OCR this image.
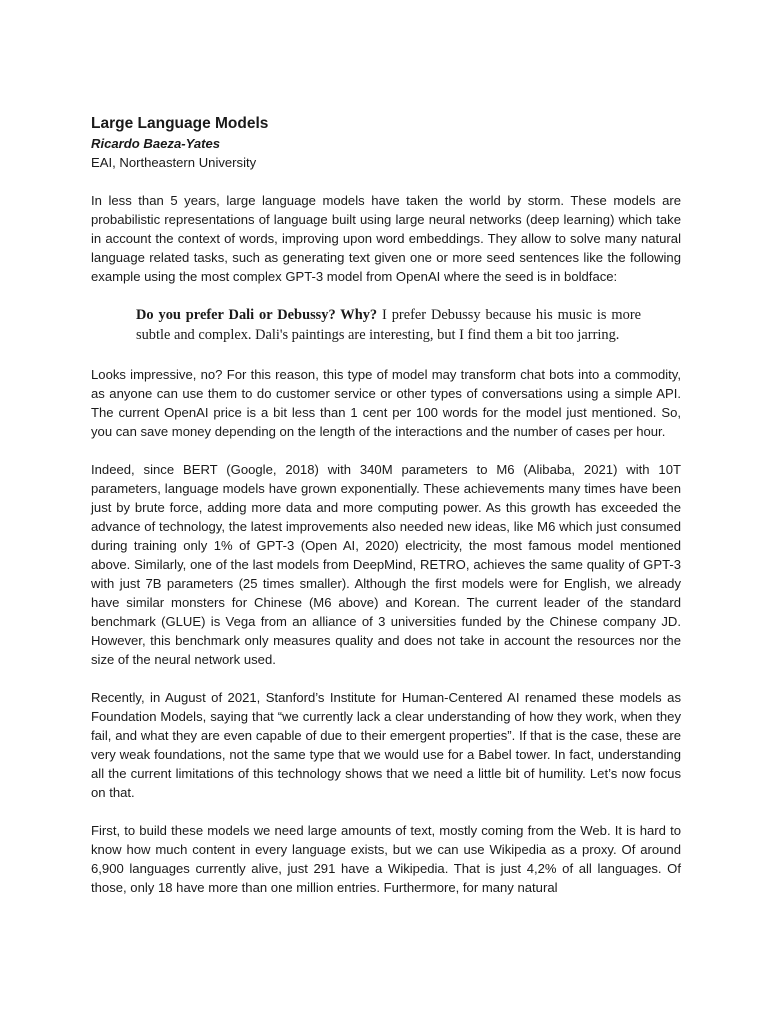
Large Language Models

Ricardo Baeza-Yates

EAI, Northeastern University

In less than 5 years, large language models have taken the world by storm. These models are probabilistic representations of language built using large neural networks (deep learning) which take in account the context of words, improving upon word embeddings. They allow to solve many natural language related tasks, such as generating text given one or more seed sentences like the following example using the most complex GPT-3 model from OpenAI where the seed is in boldface:

Do you prefer Dali or Debussy? Why? I prefer Debussy because his music is more subtle and complex. Dali's paintings are interesting, but I find them a bit too jarring.

Looks impressive, no? For this reason, this type of model may transform chat bots into a commodity, as anyone can use them to do customer service or other types of conversations using a simple API. The current OpenAI price is a bit less than 1 cent per 100 words for the model just mentioned. So, you can save money depending on the length of the interactions and the number of cases per hour.

Indeed, since BERT (Google, 2018) with 340M parameters to M6 (Alibaba, 2021) with 10T parameters, language models have grown exponentially. These achievements many times have been just by brute force, adding more data and more computing power. As this growth has exceeded the advance of technology, the latest improvements also needed new ideas, like M6 which just consumed during training only 1% of GPT-3 (Open AI, 2020) electricity, the most famous model mentioned above. Similarly, one of the last models from DeepMind, RETRO, achieves the same quality of GPT-3 with just 7B parameters (25 times smaller). Although the first models were for English, we already have similar monsters for Chinese (M6 above) and Korean. The current leader of the standard benchmark (GLUE) is Vega from an alliance of 3 universities funded by the Chinese company JD. However, this benchmark only measures quality and does not take in account the resources nor the size of the neural network used.

Recently, in August of 2021, Stanford’s Institute for Human-Centered AI renamed these models as Foundation Models, saying that “we currently lack a clear understanding of how they work, when they fail, and what they are even capable of due to their emergent properties”. If that is the case, these are very weak foundations, not the same type that we would use for a Babel tower. In fact, understanding all the current limitations of this technology shows that we need a little bit of humility. Let’s now focus on that.

First, to build these models we need large amounts of text, mostly coming from the Web. It is hard to know how much content in every language exists, but we can use Wikipedia as a proxy. Of around 6,900 languages currently alive, just 291 have a Wikipedia. That is just 4,2% of all languages. Of those, only 18 have more than one million entries. Furthermore, for many natural
